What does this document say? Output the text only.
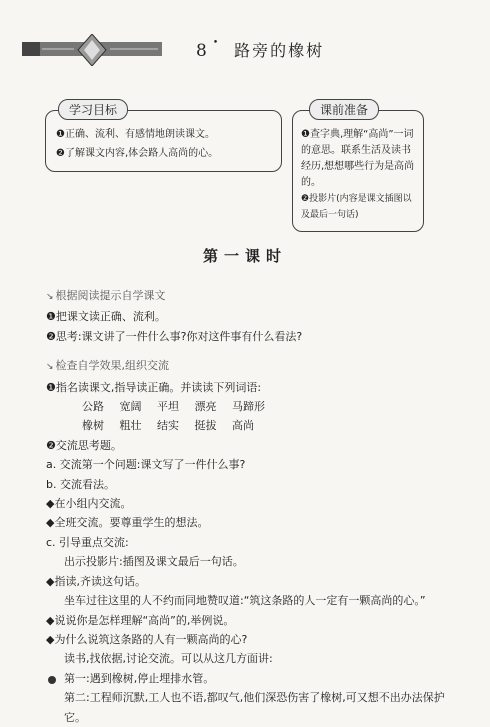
8 • 路旁的橡树
学习目标
❶正确、流利、有感情地朗读课文。
❷了解课文内容,体会路人高尚的心。
课前准备
❶查字典,理解“高尚”一词的意思。联系生活及读书经历,想想哪些行为是高尚的。
❷投影片(内容是课文插图以及最后一句话)
第一课时
↘ 根据阅读提示自学课文
❶把课文读正确、流利。
❷思考:课文讲了一件什么事?你对这件事有什么看法?
↘ 检查自学效果,组织交流
❶指名读课文,指导读正确。并读读下列词语:
公路 宽阔 平坦 漂亮 马蹄形
橡树 粗壮 结实 挺拔 高尚
❷交流思考题。
a. 交流第一个问题:课文写了一件什么事?
b. 交流看法。
◆在小组内交流。
◆全班交流。要尊重学生的想法。
c. 引导重点交流:
出示投影片:插图及课文最后一句话。
◆指读,齐读这句话。
坐车过往这里的人不约而同地赞叹道:“筑这条路的人一定有一颗高尚的心。”
◆说说你是怎样理解“高尚”的,举例说。
◆为什么说筑这条路的人有一颗高尚的心?
读书,找依据,讨论交流。可以从这几方面讲:
第一:遇到橡树,停止埋排水管。
第二:工程师沉默,工人也不语,都叹气,他们深恐伤害了橡树,可又想不出办法保护它。
